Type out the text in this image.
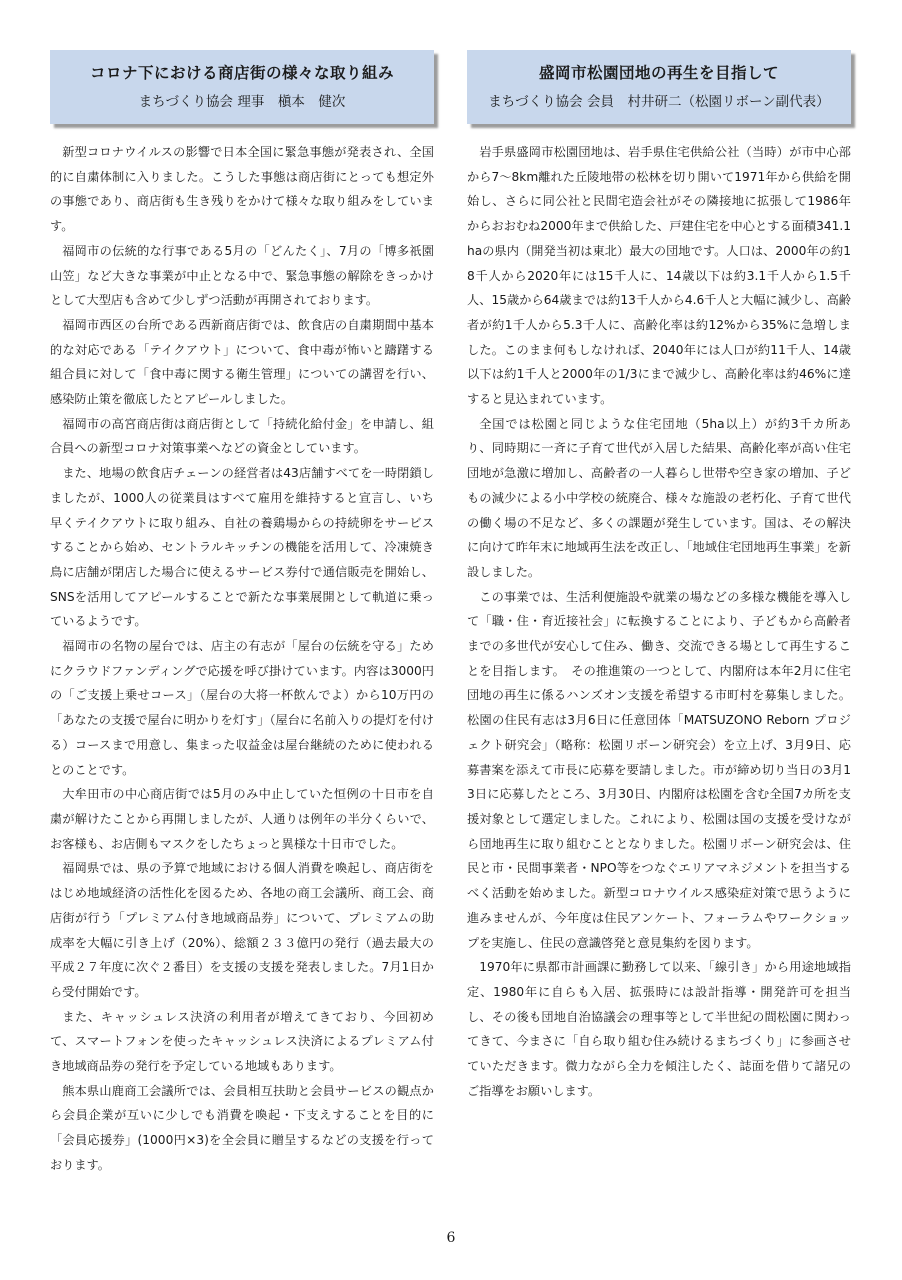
コロナ下における商店街の様々な取り組み
まちづくり協会 理事　槇本　健次

新型コロナウイルスの影響で日本全国に緊急事態が発表され、全国的に自粛体制に入りました。こうした事態は商店街にとっても想定外の事態であり、商店街も生き残りをかけて様々な取り組みをしています。

福岡市の伝統的な行事である5月の「どんたく」、7月の「博多祇園山笠」など大きな事業が中止となる中で、緊急事態の解除をきっかけとして大型店も含めて少しずつ活動が再開されております。

福岡市西区の台所である西新商店街では、飲食店の自粛期間中基本的な対応である「テイクアウト」について、食中毒が怖いと躊躇する組合員に対して「食中毒に関する衛生管理」についての講習を行い、感染防止策を徹底したとアピールしました。

福岡市の高宮商店街は商店街として「持続化給付金」を申請し、組合員への新型コロナ対策事業へなどの資金としています。

また、地場の飲食店チェーンの経営者は43店舗すべてを一時閉鎖しましたが、1000人の従業員はすべて雇用を維持すると宣言し、いち早くテイクアウトに取り組み、自社の養鶏場からの持続卵をサービスすることから始め、セントラルキッチンの機能を活用して、冷凍焼き鳥に店舗が閉店した場合に使えるサービス券付で通信販売を開始し、SNSを活用してアピールすることで新たな事業展開として軌道に乗っているようです。

福岡市の名物の屋台では、店主の有志が「屋台の伝統を守る」ためにクラウドファンディングで応援を呼び掛けています。内容は3000円の「ご支援上乗せコース」（屋台の大将一杯飲んでよ）から10万円の「あなたの支援で屋台に明かりを灯す」（屋台に名前入りの提灯を付ける）コースまで用意し、集まった収益金は屋台継続のために使われるとのことです。

大牟田市の中心商店街では5月のみ中止していた恒例の十日市を自粛が解けたことから再開しましたが、人通りは例年の半分くらいで、お客様も、お店側もマスクをしたちょっと異様な十日市でした。

福岡県では、県の予算で地域における個人消費を喚起し、商店街をはじめ地域経済の活性化を図るため、各地の商工会議所、商工会、商店街が行う「プレミアム付き地域商品券」について、プレミアムの助成率を大幅に引き上げ（20%）、総額２３３億円の発行（過去最大の平成２７年度に次ぐ２番目）を支援の支援を発表しました。7月1日から受付開始です。

また、キャッシュレス決済の利用者が増えてきており、今回初めて、スマートフォンを使ったキャッシュレス決済によるプレミアム付き地域商品券の発行を予定している地域もあります。

熊本県山鹿商工会議所では、会員相互扶助と会員サービスの観点から会員企業が互いに少しでも消費を喚起・下支えすることを目的に「会員応援券」(1000円×3)を全会員に贈呈するなどの支援を行っております。

盛岡市松園団地の再生を目指して
まちづくり協会 会員　村井研二（松園リボーン副代表）

岩手県盛岡市松園団地は、岩手県住宅供給公社（当時）が市中心部から7～8km離れた丘陵地帯の松林を切り開いて1971年から供給を開始し、さらに同公社と民間宅造会社がその隣接地に拡張して1986年からおおむね2000年まで供給した、戸建住宅を中心とする面積341.1haの県内（開発当初は東北）最大の団地です。人口は、2000年の約18千人から2020年には15千人に、14歳以下は約3.1千人から1.5千人、15歳から64歳までは約13千人から4.6千人と大幅に減少し、高齢者が約1千人から5.3千人に、高齢化率は約12%から35%に急増しました。このまま何もしなければ、2040年には人口が約11千人、14歳以下は約1千人と2000年の1/3にまで減少し、高齢化率は約46%に達すると見込まれています。

全国では松園と同じような住宅団地（5ha以上）が約3千カ所あり、同時期に一斉に子育て世代が入居した結果、高齢化率が高い住宅団地が急激に増加し、高齢者の一人暮らし世帯や空き家の増加、子どもの減少による小中学校の統廃合、様々な施設の老朽化、子育て世代の働く場の不足など、多くの課題が発生しています。国は、その解決に向けて昨年末に地域再生法を改正し、「地域住宅団地再生事業」を新設しました。

この事業では、生活利便施設や就業の場などの多様な機能を導入して「職・住・育近接社会」に転換することにより、子どもから高齢者までの多世代が安心して住み、働き、交流できる場として再生することを目指します。　その推進策の一つとして、内閣府は本年2月に住宅団地の再生に係るハンズオン支援を希望する市町村を募集しました。松園の住民有志は3月6日に任意団体「MATSUZONO Reborn プロジェクト研究会」（略称：松園リボーン研究会）を立上げ、3月9日、応募書案を添えて市長に応募を要請しました。市が締め切り当日の3月13日に応募したところ、3月30日、内閣府は松園を含む全国7カ所を支援対象として選定しました。これにより、松園は国の支援を受けながら団地再生に取り組むこととなりました。松園リボーン研究会は、住民と市・民間事業者・NPO等をつなぐエリアマネジメントを担当するべく活動を始めました。新型コロナウイルス感染症対策で思うように進みませんが、今年度は住民アンケート、フォーラムやワークショップを実施し、住民の意識啓発と意見集約を図ります。

1970年に県都市計画課に勤務して以来、「線引き」から用途地域指定、1980年に自らも入居、拡張時には設計指導・開発許可を担当し、その後も団地自治協議会の理事等として半世紀の間松園に関わってきて、今まさに「自ら取り組む住み続けるまちづくり」に参画させていただきます。微力ながら全力を傾注したく、誌面を借りて諸兄のご指導をお願いします。

6
